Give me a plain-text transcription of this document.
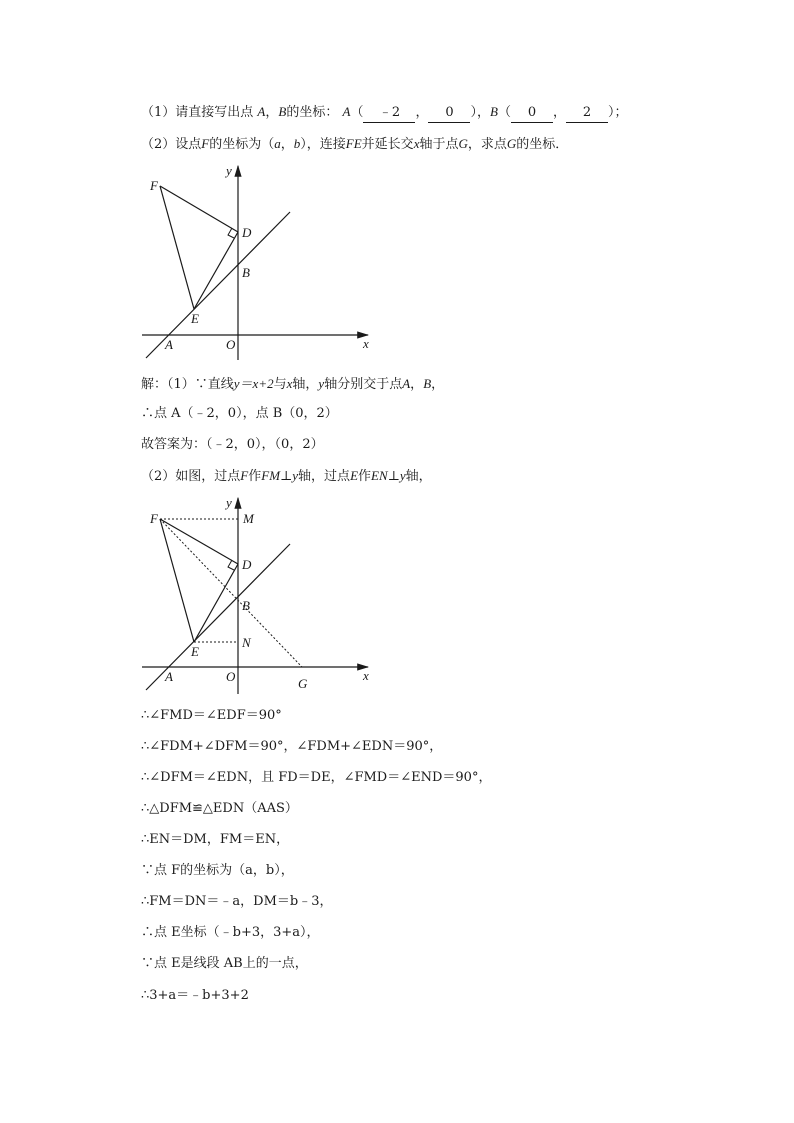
（1）请直接写出点 A，B的坐标： A（ ﹣2 ， 0 ），B（ 0 ， 2 ）；
（2）设点F的坐标为（a，b），连接FE并延长交x轴于点G，求点G的坐标．
F
D
B
E
A	O	x
y
解：（1）∵直线y＝x+2与x轴，y轴分别交于点A，B，
∴点 A（﹣2，0），点 B（0，2）
故答案为：（﹣2，0），（0，2）
（2）如图，过点F作FM⊥y轴，过点E作EN⊥y轴，
F	M
D
B
N
E
A	O	G
x
y
∴∠FMD＝∠EDF＝90°
∴∠FDM+∠DFM＝90°，∠FDM+∠EDN＝90°，
∴∠DFM＝∠EDN，且 FD＝DE，∠FMD＝∠END＝90°，
∴△DFM≌△EDN（AAS）
∴EN＝DM，FM＝EN，
∵点 F的坐标为（a，b），
∴FM＝DN＝﹣a，DM＝b﹣3，
∴点 E坐标（﹣b+3，3+a），
∵点 E是线段 AB上的一点，
∴3+a＝﹣b+3+2
